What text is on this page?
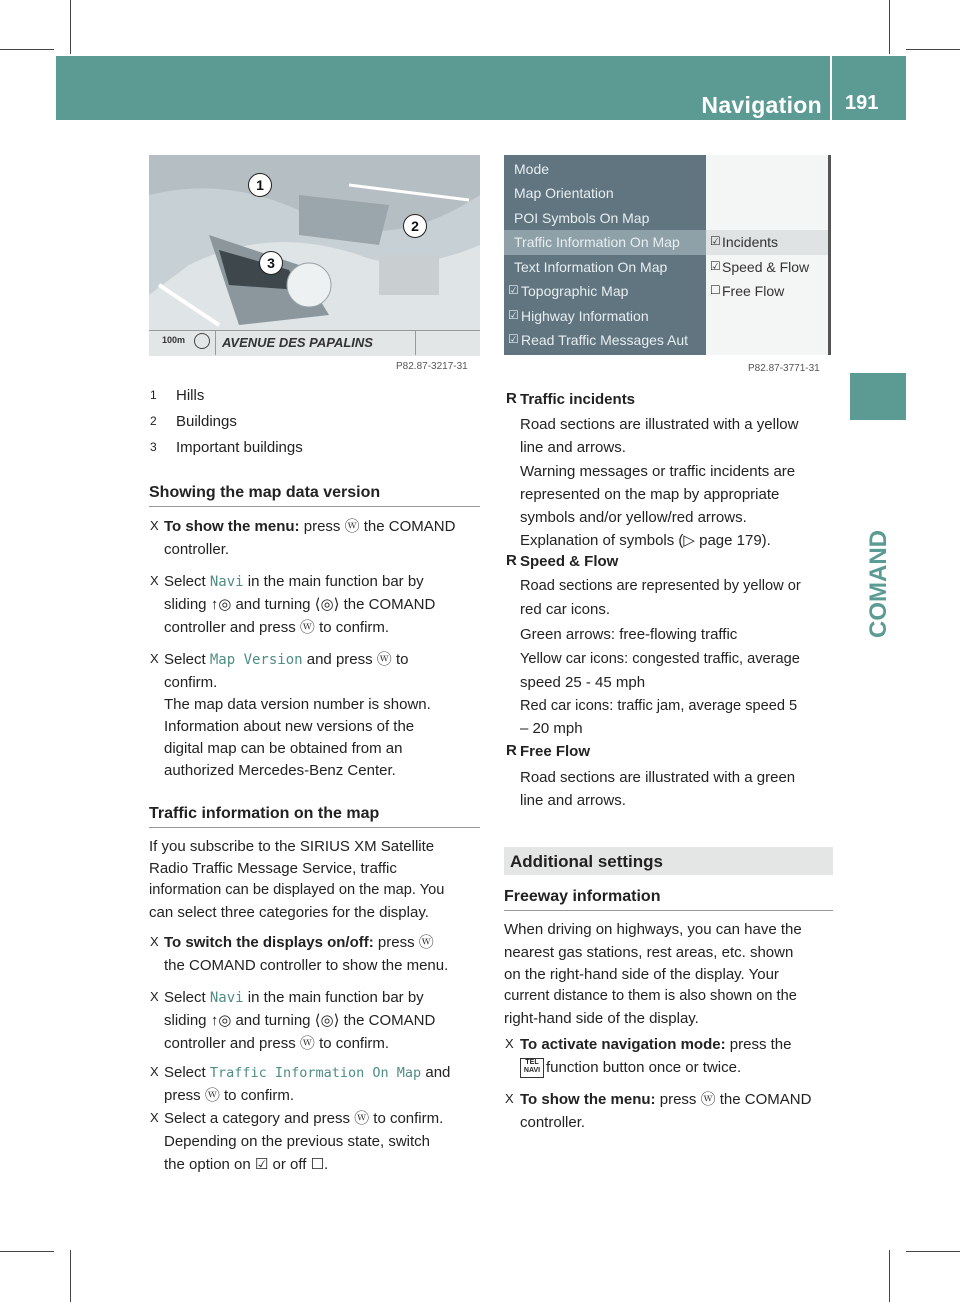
Navigation 191
COMAND
1
2
3
100m	AVENUE DES PAPALINS
P82.87-3217-31
Mode
Map Orientation
POI Symbols On Map
Traffic Information On Map
Text Information On Map
☑ Topographic Map
☑ Highway Information
☑ Read Traffic Messages Aut
☑ Incidents
☑ Speed & Flow
☐ Free Flow
P82.87-3771-31
1 Hills
2 Buildings
3 Important buildings
Showing the map data version
X To show the menu: press ⓦ the COMAND
controller.
X Select Navi in the main function bar by
sliding ↑◎ and turning ⟨◎⟩ the COMAND
controller and press ⓦ to confirm.
X Select Map Version and press ⓦ to
confirm.
The map data version number is shown.
Information about new versions of the
digital map can be obtained from an
authorized Mercedes-Benz Center.
Traffic information on the map
If you subscribe to the SIRIUS XM Satellite
Radio Traffic Message Service, traffic
information can be displayed on the map. You
can select three categories for the display.
X To switch the displays on/off: press ⓦ
the COMAND controller to show the menu.
X Select Navi in the main function bar by
sliding ↑◎ and turning ⟨◎⟩ the COMAND
controller and press ⓦ to confirm.
X Select Traffic Information On Map and
press ⓦ to confirm.
X Select a category and press ⓦ to confirm.
Depending on the previous state, switch
the option on ☑ or off ☐.
R Traffic incidents
Road sections are illustrated with a yellow
line and arrows.
Warning messages or traffic incidents are
represented on the map by appropriate
symbols and/or yellow/red arrows.
Explanation of symbols (▷ page 179).
R Speed & Flow
Road sections are represented by yellow or
red car icons.
Green arrows: free-flowing traffic
Yellow car icons: congested traffic, average
speed 25 - 45 mph
Red car icons: traffic jam, average speed 5
– 20 mph
R Free Flow
Road sections are illustrated with a green
line and arrows.
Additional settings
Freeway information
When driving on highways, you can have the
nearest gas stations, rest areas, etc. shown
on the right-hand side of the display. Your
current distance to them is also shown on the
right-hand side of the display.
X To activate navigation mode: press the
TEL NAVI function button once or twice.
X To show the menu: press ⓦ the COMAND
controller.
